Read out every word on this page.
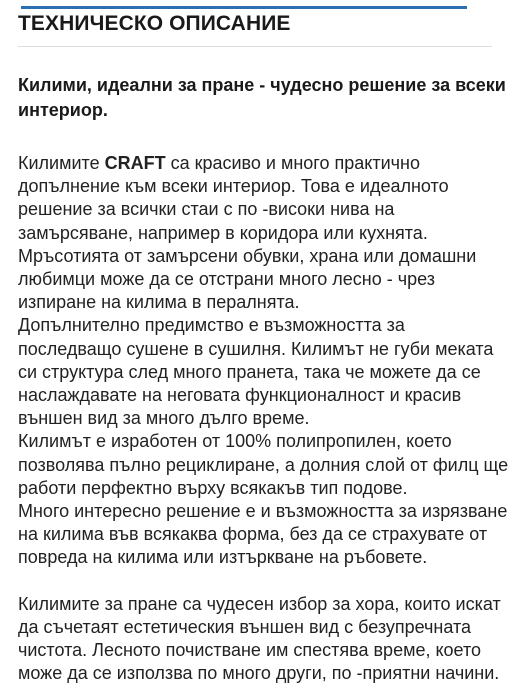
ТЕХНИЧЕСКО ОПИСАНИЕ
Килими, идеални за пране - чудесно решение за всеки
интериор.

Килимите CRAFT са красиво и много практично
допълнение към всеки интериор. Това е идеалното
решение за всички стаи с по -високи нива на
замърсяване, например в коридора или кухнята.
Мръсотията от замърсени обувки, храна или домашни
любимци може да се отстрани много лесно - чрез
изпиране на килима в пералнята.
Допълнително предимство е възможността за
последващо сушене в сушилня. Килимът не губи меката
си структура след много пранета, така че можете да се
наслаждавате на неговата функционалност и красив
външен вид за много дълго време.
Килимът е изработен от 100% полипропилен, което
позволява пълно рециклиране, а долния слой от филц ще
работи перфектно върху всякакъв тип подове.
Много интересно решение е и възможността за изрязване
на килима във всякаква форма, без да се страхувате от
повреда на килима или изтъркване на ръбовете.

Килимите за пране са чудесен избор за хора, които искат
да съчетаят естетическия външен вид с безупречната
чистота. Лесното почистване им спестява време, което
може да се използва по много други, по -приятни начини.
